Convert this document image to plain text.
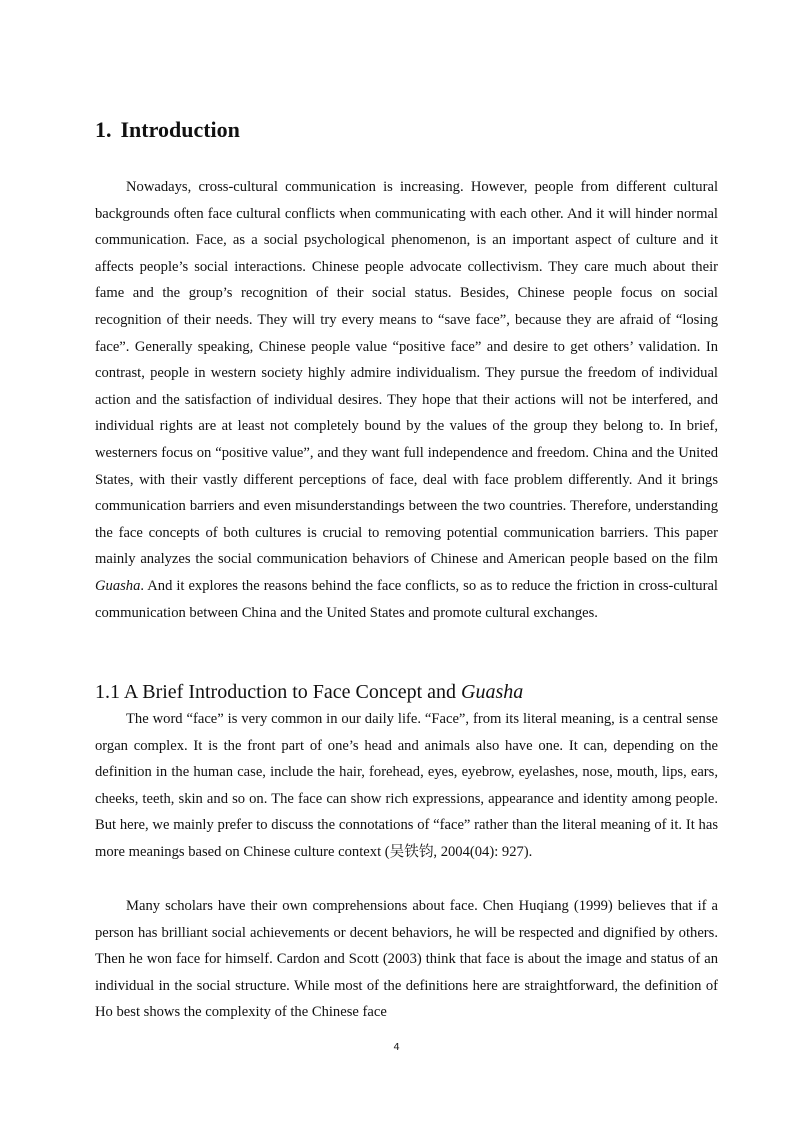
1. Introduction

Nowadays, cross-cultural communication is increasing. However, people from different cultural backgrounds often face cultural conflicts when communicating with each other. And it will hinder normal communication. Face, as a social psychological phenomenon, is an important aspect of culture and it affects people’s social interactions. Chinese people advocate collectivism. They care much about their fame and the group’s recognition of their social status. Besides, Chinese people focus on social recognition of their needs. They will try every means to “save face”, because they are afraid of “losing face”. Generally speaking, Chinese people value “positive face” and desire to get others’ validation. In contrast, people in western society highly admire individualism. They pursue the freedom of individual action and the satisfaction of individual desires. They hope that their actions will not be interfered, and individual rights are at least not completely bound by the values of the group they belong to. In brief, westerners focus on “positive value”, and they want full independence and freedom. China and the United States, with their vastly different perceptions of face, deal with face problem differently. And it brings communication barriers and even misunderstandings between the two countries. Therefore, understanding the face concepts of both cultures is crucial to removing potential communication barriers. This paper mainly analyzes the social communication behaviors of Chinese and American people based on the film Guasha. And it explores the reasons behind the face conflicts, so as to reduce the friction in cross-cultural communication between China and the United States and promote cultural exchanges.

1.1 A Brief Introduction to Face Concept and Guasha

The word “face” is very common in our daily life. “Face”, from its literal meaning, is a central sense organ complex. It is the front part of one’s head and animals also have one. It can, depending on the definition in the human case, include the hair, forehead, eyes, eyebrow, eyelashes, nose, mouth, lips, ears, cheeks, teeth, skin and so on. The face can show rich expressions, appearance and identity among people. But here, we mainly prefer to discuss the connotations of “face” rather than the literal meaning of it. It has more meanings based on Chinese culture context (吴铁钧, 2004(04): 927).

Many scholars have their own comprehensions about face. Chen Huqiang (1999) believes that if a person has brilliant social achievements or decent behaviors, he will be respected and dignified by others. Then he won face for himself. Cardon and Scott (2003) think that face is about the image and status of an individual in the social structure. While most of the definitions here are straightforward, the definition of Ho best shows the complexity of the Chinese face

4
